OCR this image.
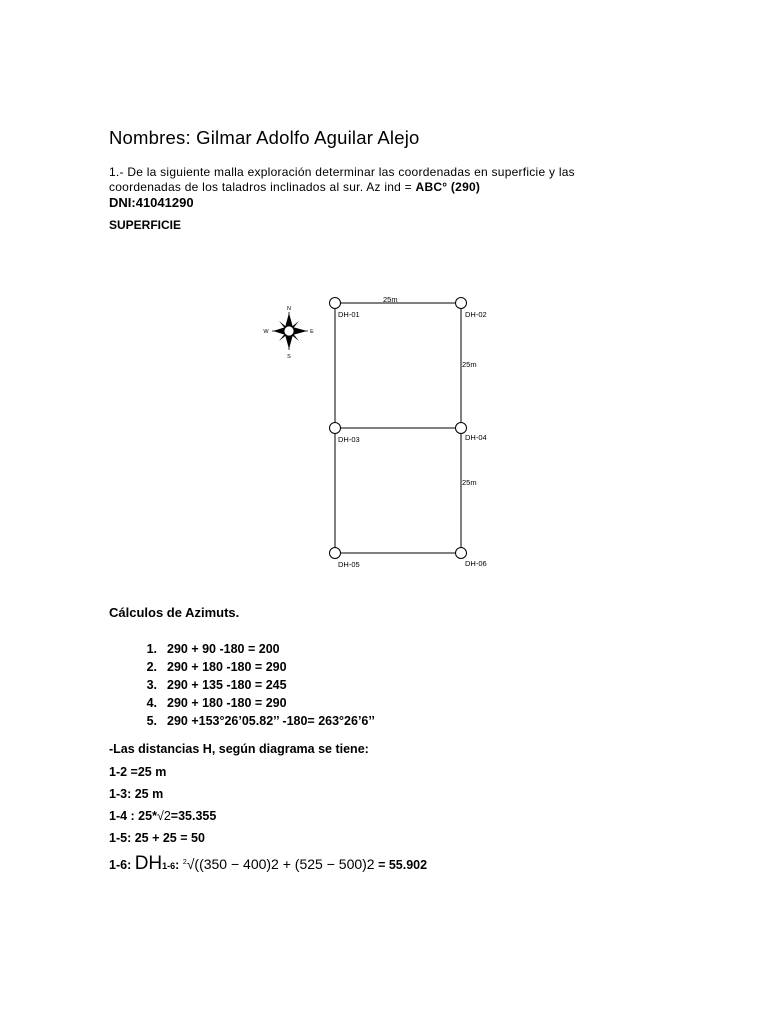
Nombres: Gilmar Adolfo Aguilar Alejo
1.- De la siguiente malla exploración determinar las coordenadas en superficie y las
coordenadas de los taladros inclinados al sur. Az ind = ABC° (290)
DNI:41041290
SUPERFICIE
N
S
W	E
DH-01	DH-02
DH-03	DH-04
DH-05	DH-06
25m
25m
25m
Cálculos de Azimuts.
1. 290 + 90 -180 = 200
2. 290 + 180 -180 = 290
3. 290 + 135 -180 = 245
4. 290 + 180 -180 = 290
5. 290 +153°26’05.82’’ -180= 263°26’6’’
-Las distancias H, según diagrama se tiene:
1-2 =25 m
1-3: 25 m
1-4 : 25*√2=35.355
1-5: 25 + 25 = 50
1-6: DH1-6: $^2$√((350 − 400)2 + (525 − 500)2 = 55.902
